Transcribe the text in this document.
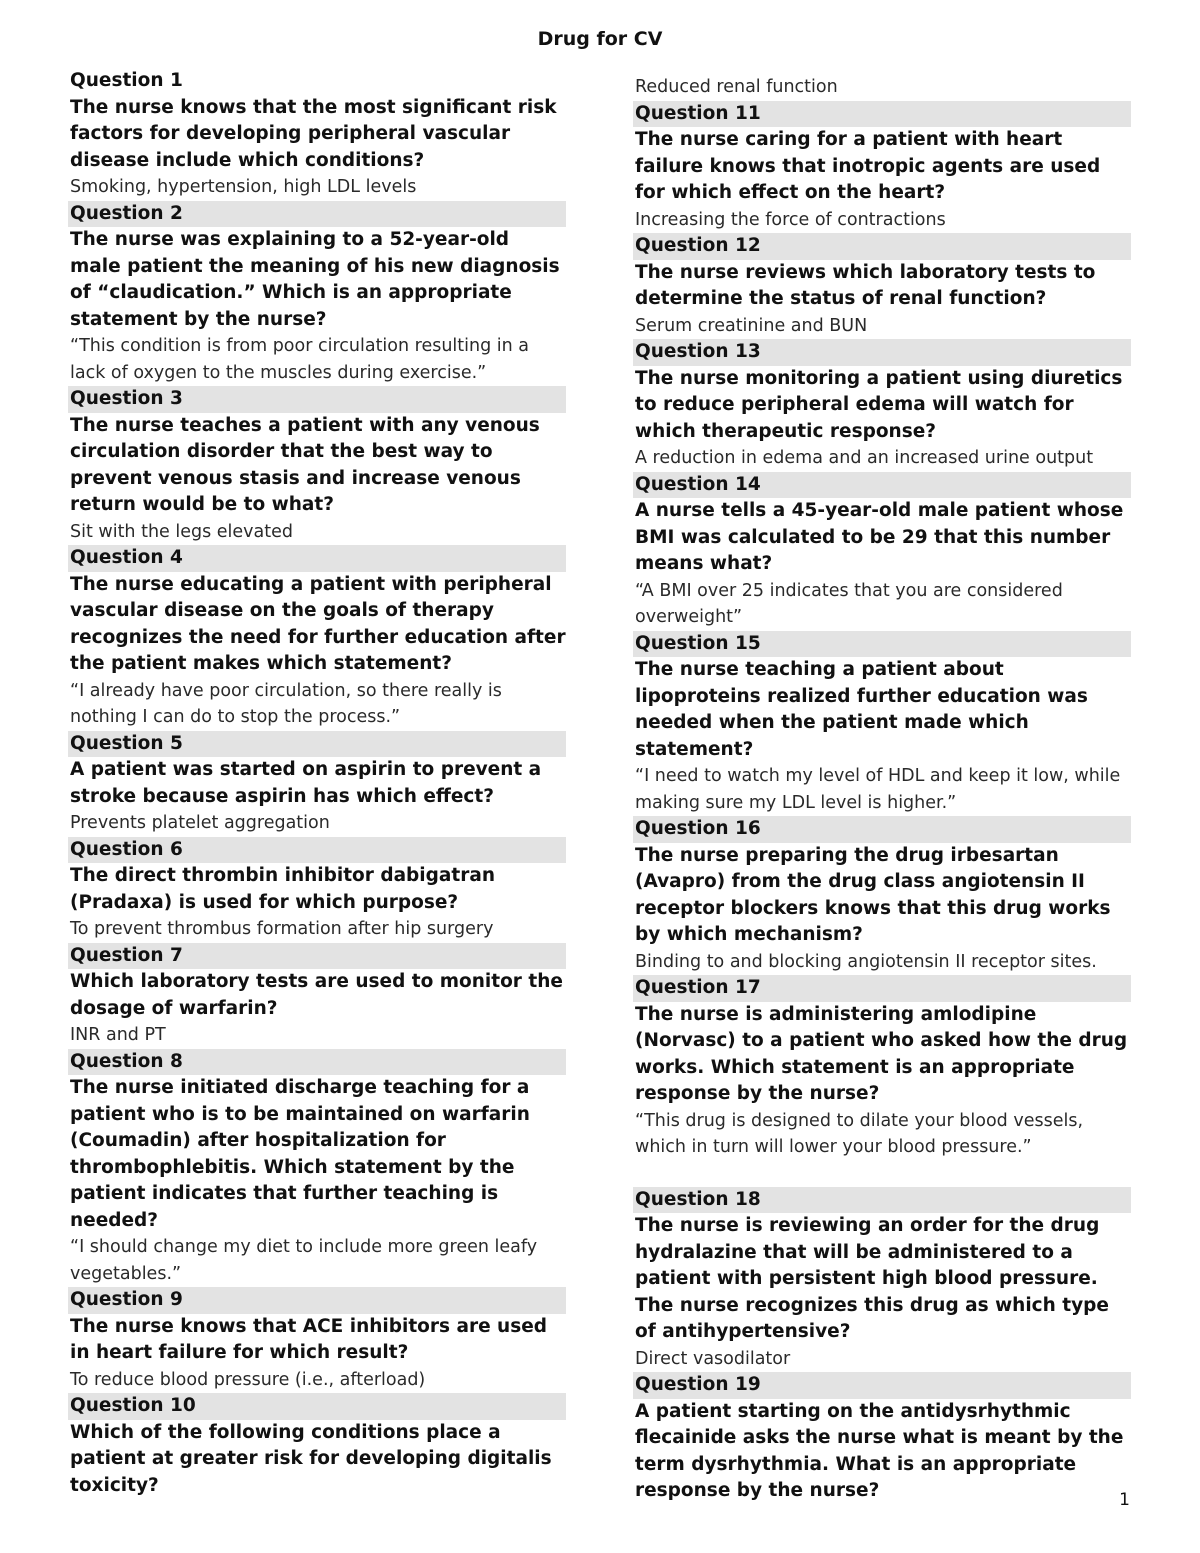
Drug for CV
Question 1
The nurse knows that the most significant risk factors for developing peripheral vascular disease include which conditions?
Smoking, hypertension, high LDL levels
Question 2
The nurse was explaining to a 52-year-old male patient the meaning of his new diagnosis of “claudication.” Which is an appropriate statement by the nurse?
“This condition is from poor circulation resulting in a lack of oxygen to the muscles during exercise.”
Question 3
The nurse teaches a patient with any venous circulation disorder that the best way to prevent venous stasis and increase venous return would be to what?
Sit with the legs elevated
Question 4
The nurse educating a patient with peripheral vascular disease on the goals of therapy recognizes the need for further education after the patient makes which statement?
“I already have poor circulation, so there really is nothing I can do to stop the process.”
Question 5
A patient was started on aspirin to prevent a stroke because aspirin has which effect?
Prevents platelet aggregation
Question 6
The direct thrombin inhibitor dabigatran (Pradaxa) is used for which purpose?
To prevent thrombus formation after hip surgery
Question 7
Which laboratory tests are used to monitor the dosage of warfarin?
INR and PT
Question 8
The nurse initiated discharge teaching for a patient who is to be maintained on warfarin (Coumadin) after hospitalization for thrombophlebitis. Which statement by the patient indicates that further teaching is needed?
“I should change my diet to include more green leafy vegetables.”
Question 9
The nurse knows that ACE inhibitors are used in heart failure for which result?
To reduce blood pressure (i.e., afterload)
Question 10
Which of the following conditions place a patient at greater risk for developing digitalis toxicity?
Reduced renal function
Question 11
The nurse caring for a patient with heart failure knows that inotropic agents are used for which effect on the heart?
Increasing the force of contractions
Question 12
The nurse reviews which laboratory tests to determine the status of renal function?
Serum creatinine and BUN
Question 13
The nurse monitoring a patient using diuretics to reduce peripheral edema will watch for which therapeutic response?
A reduction in edema and an increased urine output
Question 14
A nurse tells a 45-year-old male patient whose BMI was calculated to be 29 that this number means what?
“A BMI over 25 indicates that you are considered overweight”
Question 15
The nurse teaching a patient about lipoproteins realized further education was needed when the patient made which statement?
“I need to watch my level of HDL and keep it low, while making sure my LDL level is higher.”
Question 16
The nurse preparing the drug irbesartan (Avapro) from the drug class angiotensin II receptor blockers knows that this drug works by which mechanism?
Binding to and blocking angiotensin II receptor sites.
Question 17
The nurse is administering amlodipine (Norvasc) to a patient who asked how the drug works. Which statement is an appropriate response by the nurse?
“This drug is designed to dilate your blood vessels, which in turn will lower your blood pressure.”
Question 18
The nurse is reviewing an order for the drug hydralazine that will be administered to a patient with persistent high blood pressure. The nurse recognizes this drug as which type of antihypertensive?
Direct vasodilator
Question 19
A patient starting on the antidysrhythmic flecainide asks the nurse what is meant by the term dysrhythmia. What is an appropriate response by the nurse?	1
